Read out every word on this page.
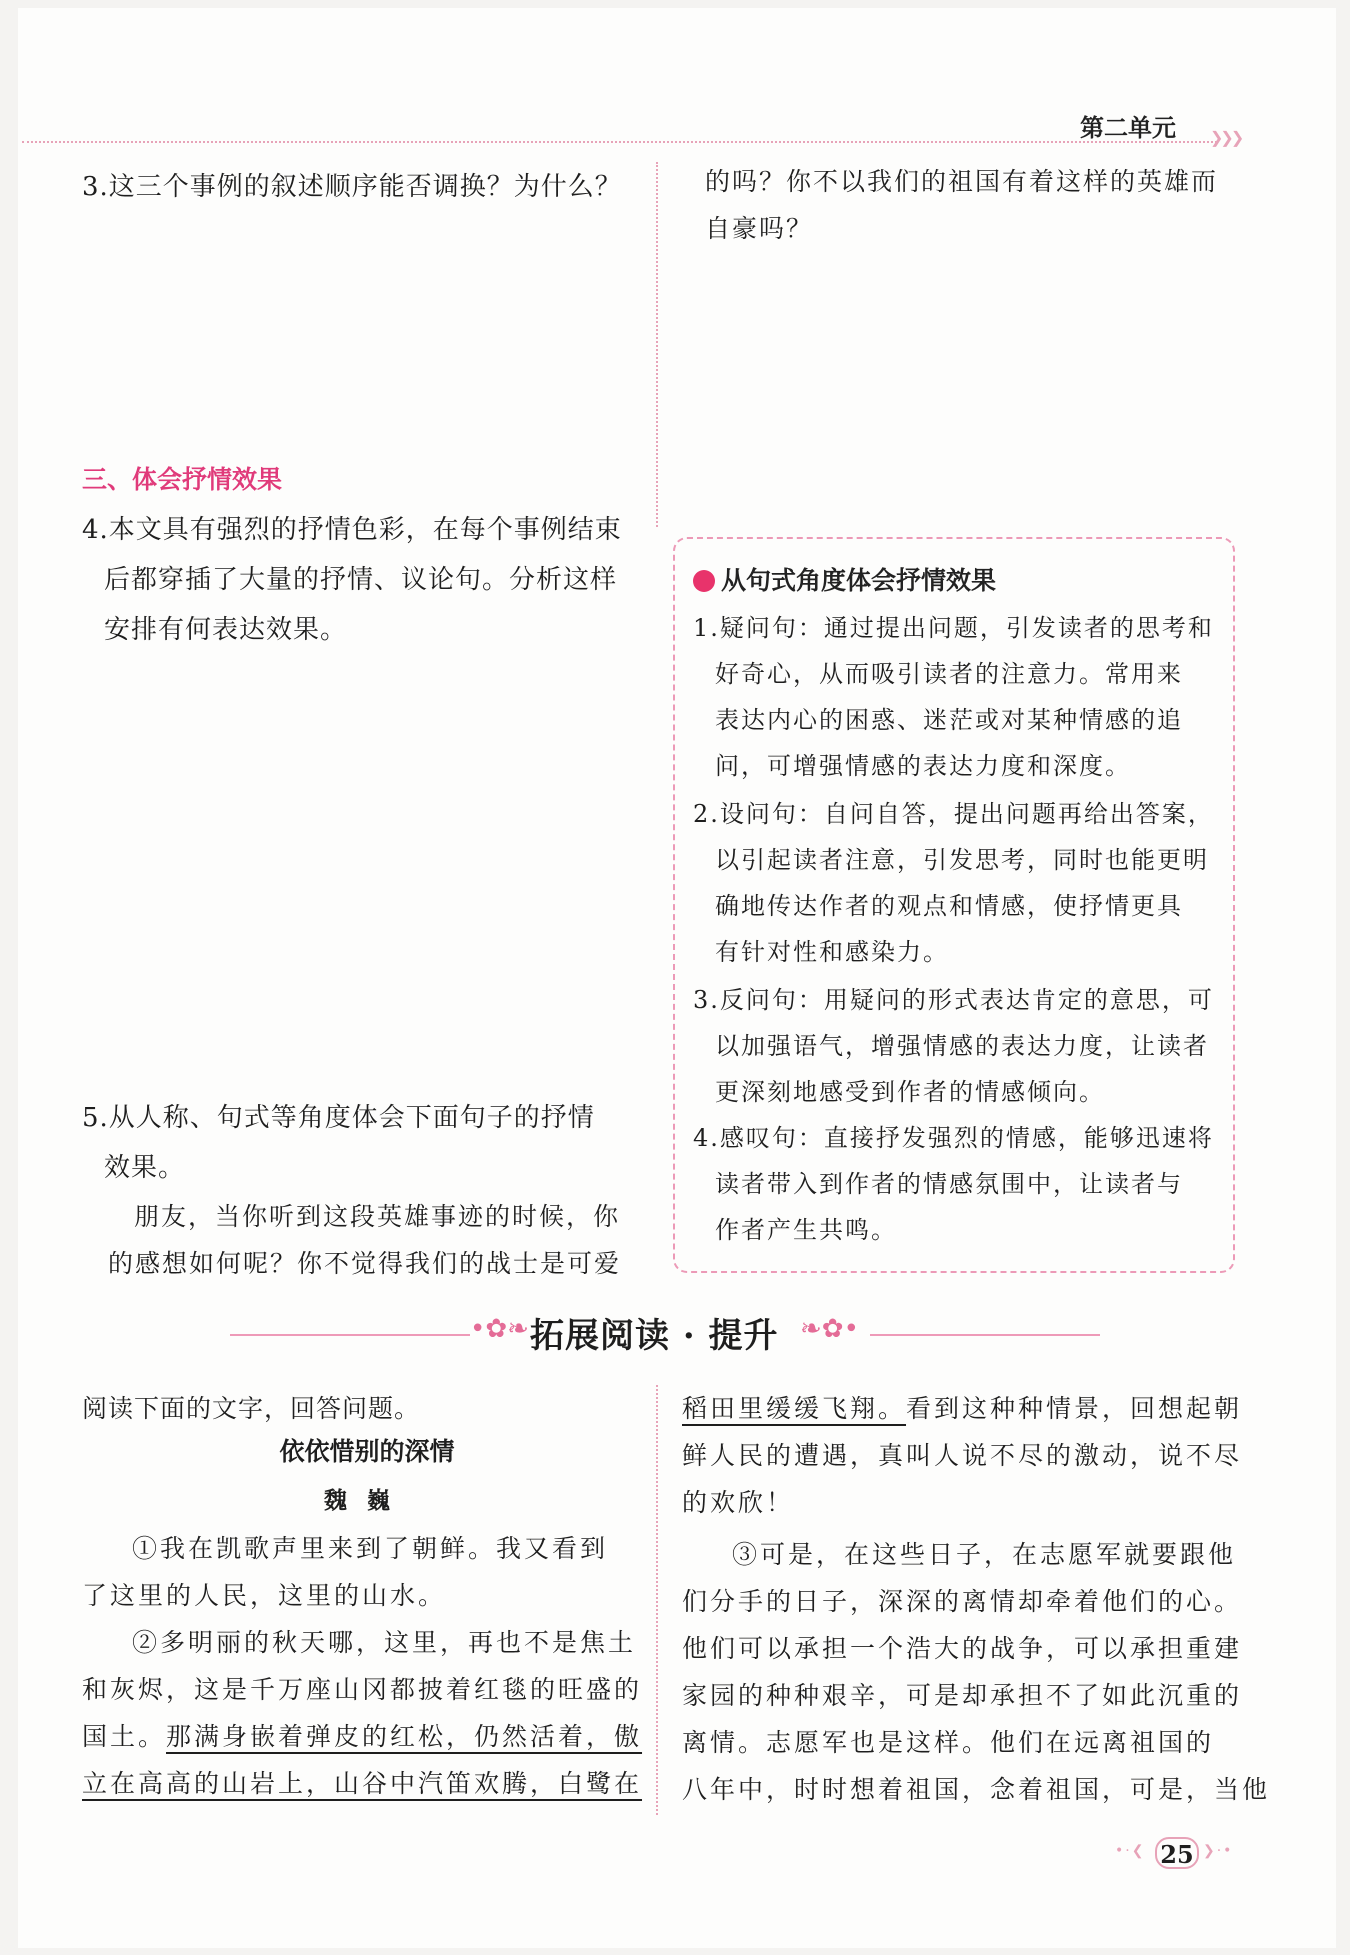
第二单元 ❯❯❯
3.这三个事例的叙述顺序能否调换？为什么？
三、体会抒情效果
4.本文具有强烈的抒情色彩，在每个事例结束
后都穿插了大量的抒情、议论句。分析这样
安排有何表达效果。
5.从人称、句式等角度体会下面句子的抒情
效果。
朋友，当你听到这段英雄事迹的时候，你
的感想如何呢？你不觉得我们的战士是可爱
的吗？你不以我们的祖国有着这样的英雄而
自豪吗？
从句式角度体会抒情效果
1.疑问句：通过提出问题，引发读者的思考和
好奇心，从而吸引读者的注意力。常用来
表达内心的困惑、迷茫或对某种情感的追
问，可增强情感的表达力度和深度。
2.设问句：自问自答，提出问题再给出答案，
以引起读者注意，引发思考，同时也能更明
确地传达作者的观点和情感，使抒情更具
有针对性和感染力。
3.反问句：用疑问的形式表达肯定的意思，可
以加强语气，增强情感的表达力度，让读者
更深刻地感受到作者的情感倾向。
4.感叹句：直接抒发强烈的情感，能够迅速将
读者带入到作者的情感氛围中，让读者与
作者产生共鸣。
•✿❧ 拓展阅读 · 提升 ❧✿•
阅读下面的文字，回答问题。
依依惜别的深情
魏巍
①我在凯歌声里来到了朝鲜。我又看到
了这里的人民，这里的山水。
②多明丽的秋天哪，这里，再也不是焦土
和灰烬，这是千万座山冈都披着红毯的旺盛的
国土。那满身嵌着弹皮的红松，仍然活着，傲
立在高高的山岩上，山谷中汽笛欢腾，白鹭在
稻田里缓缓飞翔。看到这种种情景，回想起朝
鲜人民的遭遇，真叫人说不尽的激动，说不尽
的欢欣！
③可是，在这些日子，在志愿军就要跟他
们分手的日子，深深的离情却牵着他们的心。
他们可以承担一个浩大的战争，可以承担重建
家园的种种艰辛，可是却承担不了如此沉重的
离情。志愿军也是这样。他们在远离祖国的
八年中，时时想着祖国，念着祖国，可是，当他
•·❮ 25 ❯·•
